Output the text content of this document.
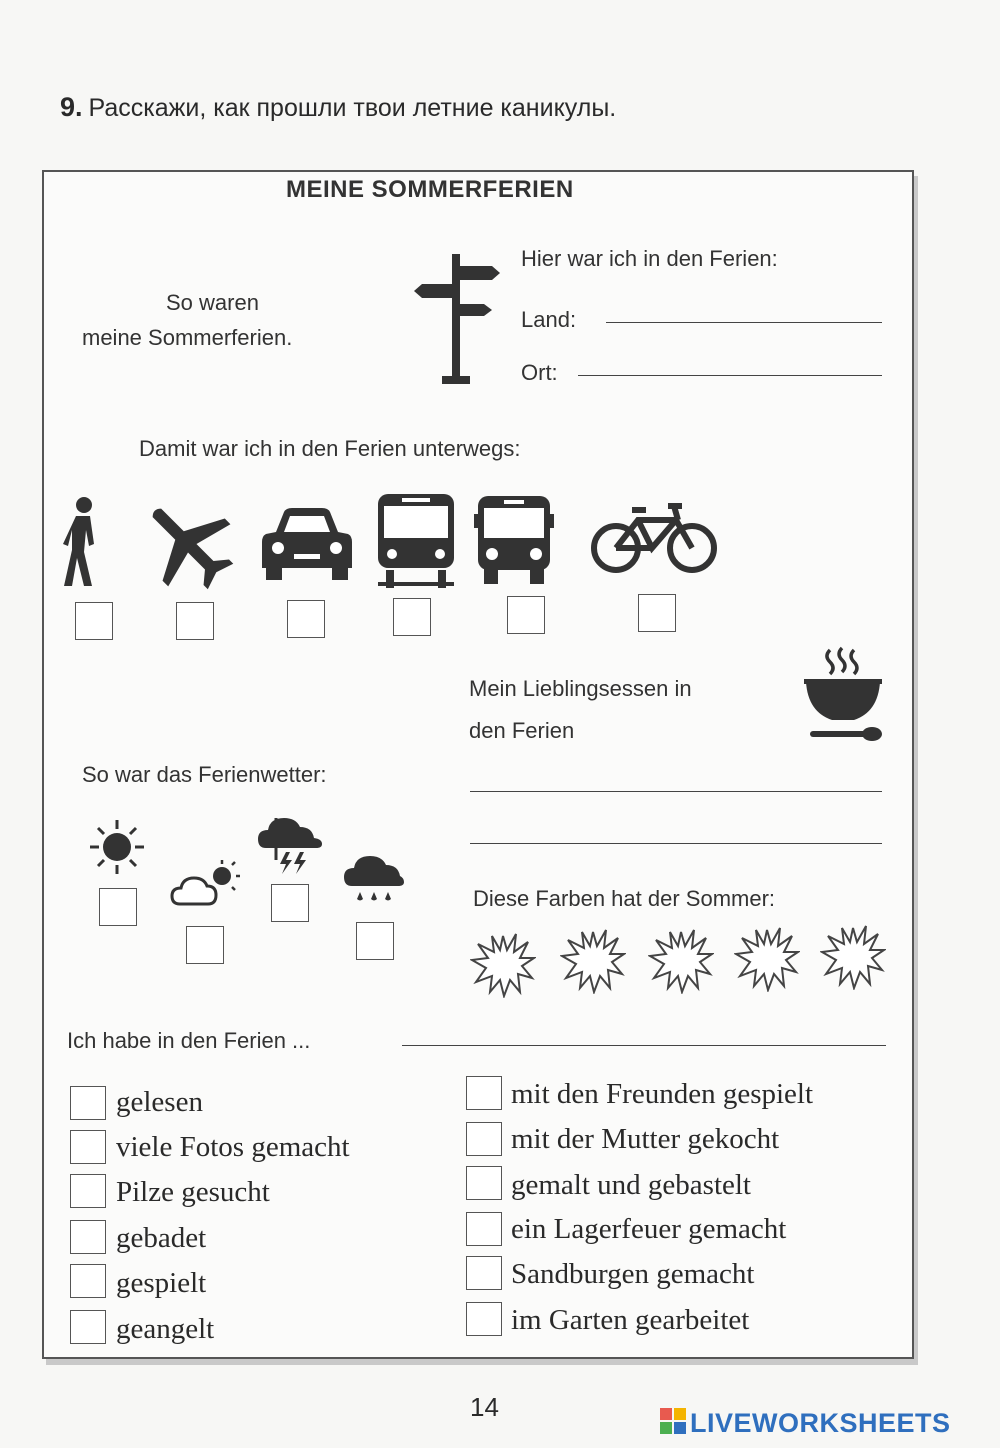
9. Расскажи, как прошли твои летние каникулы.
MEINE SOMMERFERIEN
So waren
meine Sommerferien.
Hier war ich in den Ferien:
Land:
Ort:
Damit war ich in den Ferien unterwegs:
Mein Lieblingsessen in
den Ferien
So war das Ferienwetter:
Diese Farben hat der Sommer:
Ich habe in den Ferien ...
gelesen
viele Fotos gemacht
Pilze gesucht
gebadet
gespielt
geangelt
mit den Freunden gespielt
mit der Mutter gekocht
gemalt und gebastelt
ein Lagerfeuer gemacht
Sandburgen gemacht
im Garten gearbeitet
14
LIVEWORKSHEETS
